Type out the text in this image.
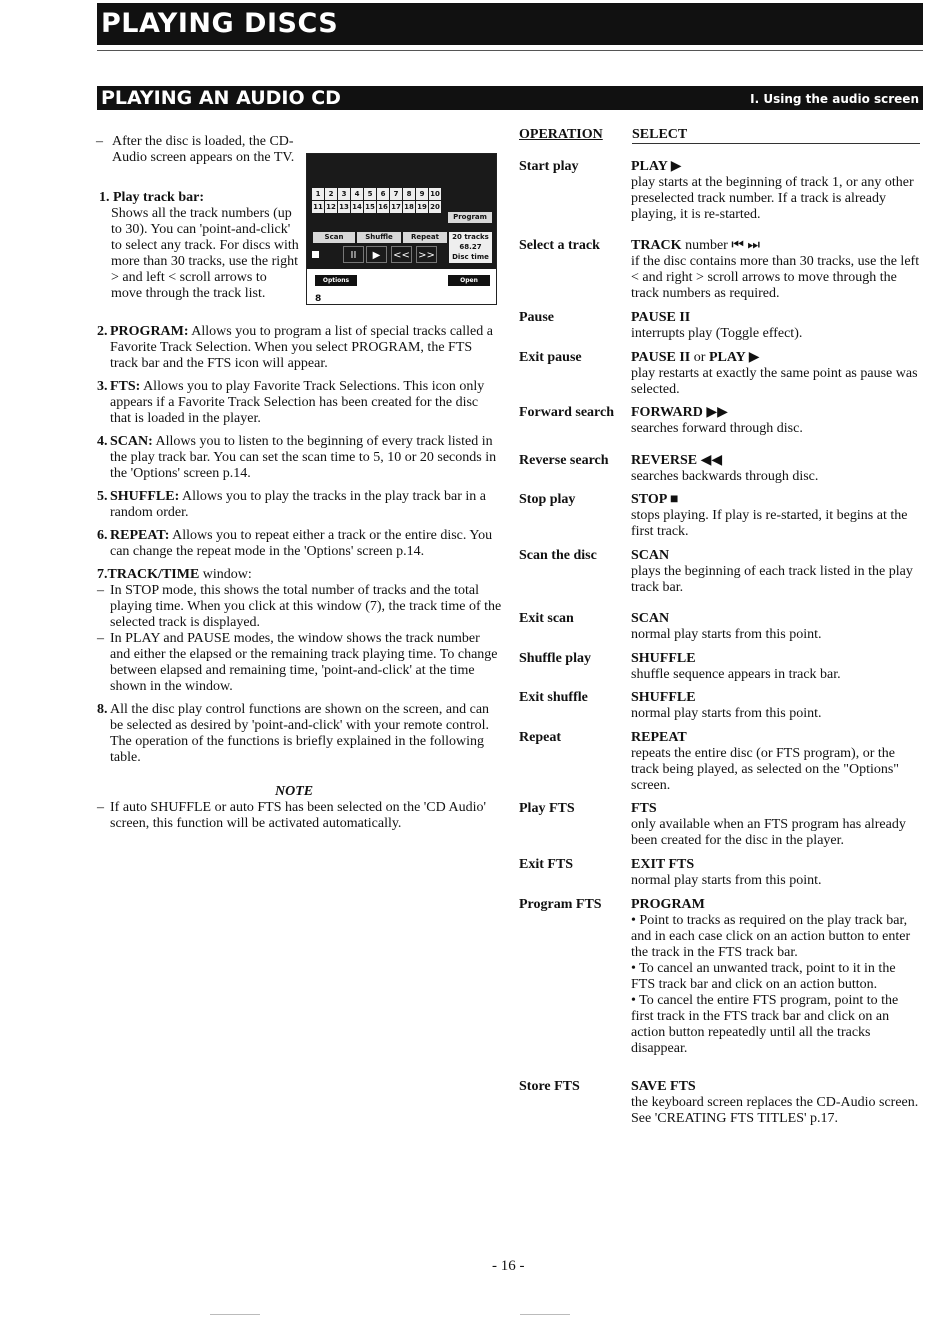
PLAYING DISCS
PLAYING AN AUDIO CD	I. Using the audio screen

– After the disc is loaded, the CD-Audio screen appears on the TV.

1. Play track bar:
Shows all the track numbers (up to 30). You can 'point-and-click' to select any track. For discs with more than 30 tracks, use the right > and left < scroll arrows to move through the track list.
1	2	3	4	5	6	7	8	9 10
11 12 13 14 15 16 17 18 19 20
Program
Scan	Shuffle	Repeat	20 tracks
68.27
Disc time
II	▶	<< >>
Options	Open
8
2. PROGRAM: Allows you to program a list of special tracks called a Favorite Track Selection. When you select PROGRAM, the FTS track bar and the FTS icon will appear.
3. FTS: Allows you to play Favorite Track Selections. This icon only appears if a Favorite Track Selection has been created for the disc that is loaded in the player.
4. SCAN: Allows you to listen to the beginning of every track listed in the play track bar. You can set the scan time to 5, 10 or 20 seconds in the 'Options' screen p.14.
5. SHUFFLE: Allows you to play the tracks in the play track bar in a random order.
6. REPEAT: Allows you to repeat either a track or the entire disc. You can change the repeat mode in the 'Options' screen p.14.
7.TRACK/TIME window:
– In STOP mode, this shows the total number of tracks and the total playing time. When you click at this window (7), the track time of the selected track is displayed.
– In PLAY and PAUSE modes, the window shows the track number and either the elapsed or the remaining track playing time. To change between elapsed and remaining time, 'point-and-click' at the time shown in the window.
8. All the disc play control functions are shown on the screen, and can be selected as desired by 'point-and-click' with your remote control. The operation of the functions is briefly explained in the following table.
NOTE
– If auto SHUFFLE or auto FTS has been selected on the 'CD Audio' screen, this function will be activated automatically.
OPERATION SELECT
Start play	PLAY ▶
play starts at the beginning of track 1, or any other preselected track number. If a track is already playing, it is re-started.
Select a track	TRACK number ⏮ ⏭
if the disc contains more than 30 tracks, use the left < and right > scroll arrows to move through the track numbers as required.
Pause	PAUSE II
interrupts play (Toggle effect).
Exit pause	PAUSE II or PLAY ▶
play restarts at exactly the same point as pause was selected.
Forward search	FORWARD ▶▶
searches forward through disc.
Reverse search	REVERSE ◀◀
searches backwards through disc.
Stop play	STOP ■
stops playing. If play is re-started, it begins at the first track.
Scan the disc	SCAN
plays the beginning of each track listed in the play track bar.
Exit scan	SCAN
normal play starts from this point.
Shuffle play	SHUFFLE
shuffle sequence appears in track bar.
Exit shuffle	SHUFFLE
normal play starts from this point.
Repeat	REPEAT
repeats the entire disc (or FTS program), or the track being played, as selected on the "Options" screen.
Play FTS	FTS
only available when an FTS program has already been created for the disc in the player.
Exit FTS	EXIT FTS
normal play starts from this point.
Program FTS	PROGRAM
• Point to tracks as required on the play track bar, and in each case click on an action button to enter the track in the FTS track bar.
• To cancel an unwanted track, point to it in the FTS track bar and click on an action button.
• To cancel the entire FTS program, point to the first track in the FTS track bar and click on an action button repeatedly until all the tracks disappear.
Store FTS	SAVE FTS
the keyboard screen replaces the CD-Audio screen. See 'CREATING FTS TITLES' p.17.
- 16 -
